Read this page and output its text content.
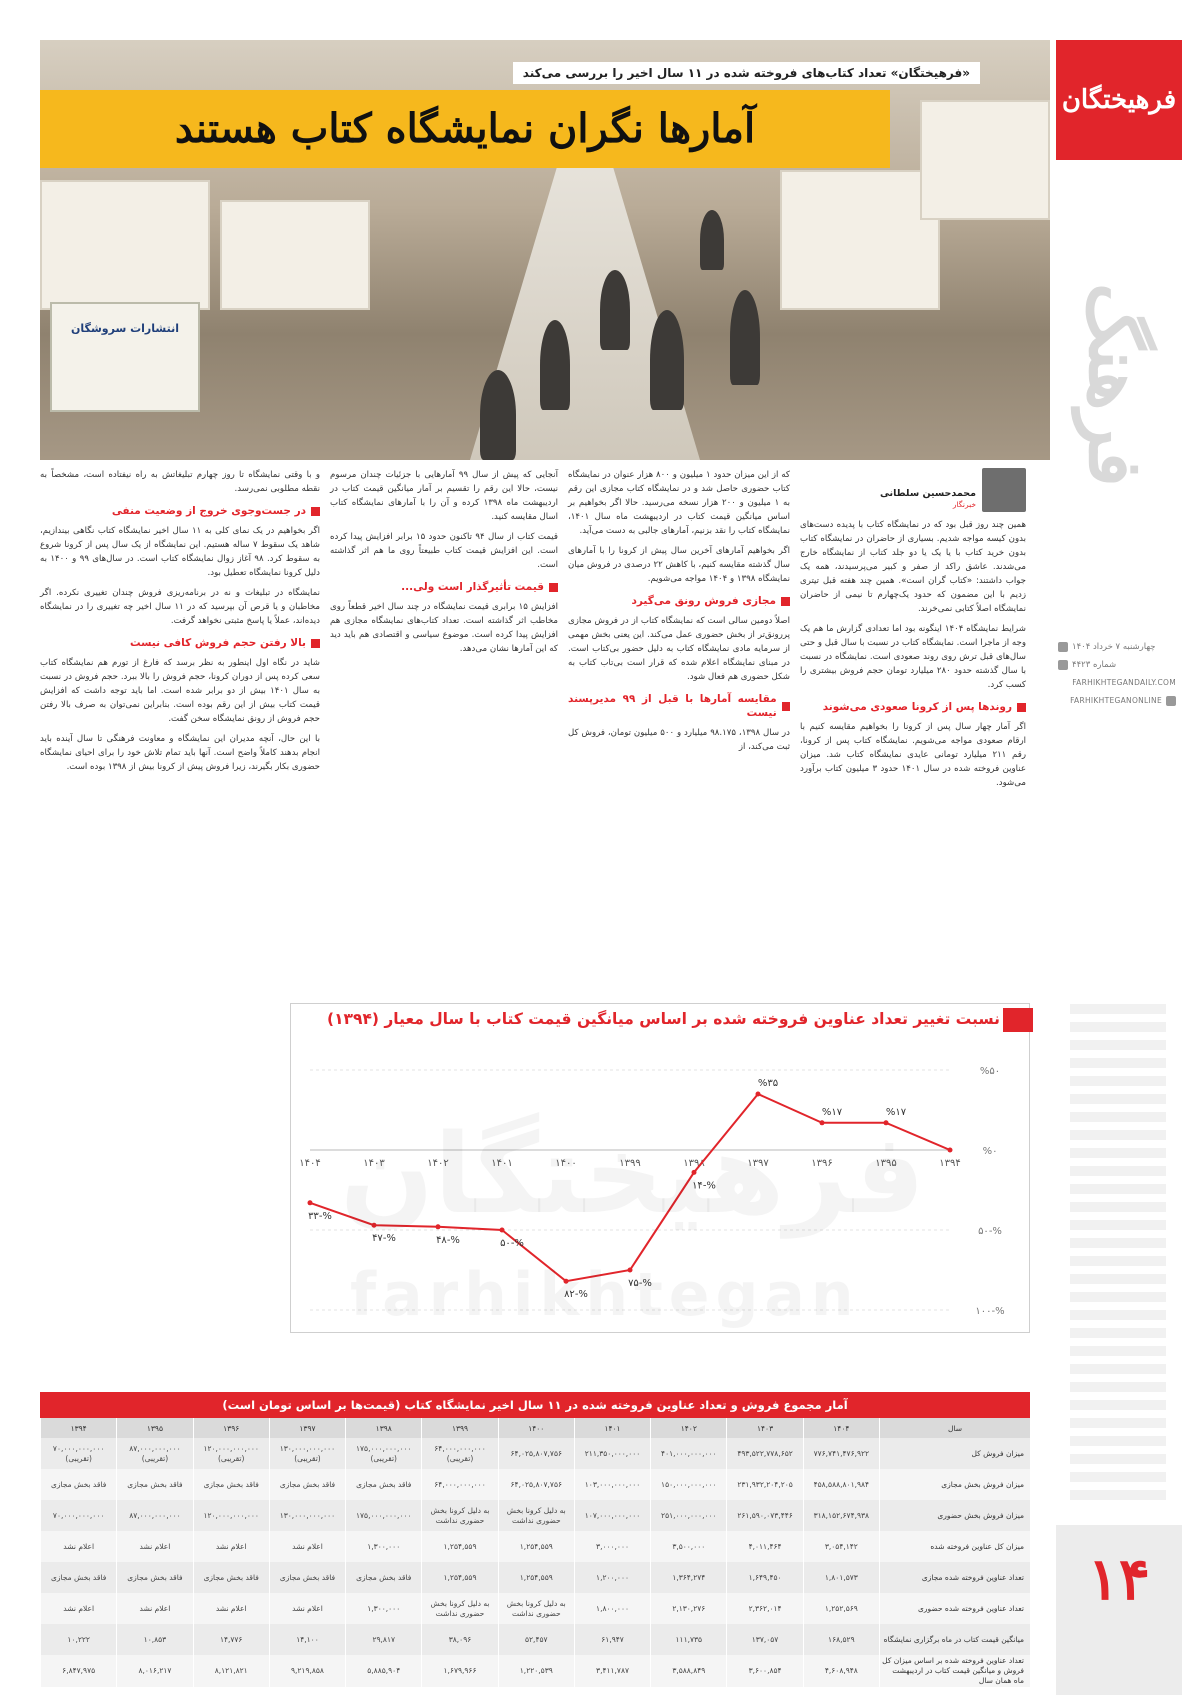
فرهیختگان
فرهنگ
چهارشنبه ۷ خرداد ۱۴۰۴
شماره ۴۴۲۳
FARHIKHTEGANDAILY.COM
FARHIKHTEGANONLINE
۱۴
انتشارات سروشگان
«فرهیختگان» تعداد کتاب‌های فروخته شده در ۱۱ سال اخیر را بررسی می‌کند
آمارها نگران نمایشگاه کتاب هستند
محمدحسین سلطانی
خبرنگار

همین چند روز قبل بود که در نمایشگاه کتاب با پدیده دست‌های بدون کیسه مواجه شدیم. بسیاری از حاضران در نمایشگاه کتاب بدون خرید کتاب با یا یک یا دو جلد کتاب از نمایشگاه خارج می‌شدند. عاشق راکد از صفر و کبیر می‌پرسیدند، همه یک جواب داشتند: «کتاب گران است». همین چند هفته قبل تیتری زدیم با این مضمون که حدود یک‌چهارم تا نیمی از حاضران نمایشگاه اصلاً کتابی نمی‌خرند.

شرایط نمایشگاه ۱۴۰۴ اینگونه بود اما تعدادی گزارش ما هم یک وجه از ماجرا است. نمایشگاه کتاب در نسبت با سال قبل و حتی سال‌های قبل ترش روی روند صعودی است. نمایشگاه در نسبت با سال گذشته حدود ۲۸۰ میلیارد تومان حجم فروش بیشتری را کسب کرد.

روندها پس از کرونا صعودی می‌شوند

اگر آمار چهار سال پس از کرونا را بخواهیم مقایسه کنیم با ارقام صعودی مواجه می‌شویم. نمایشگاه کتاب پس از کرونا، رقم ۲۱۱ میلیارد تومانی عایدی نمایشگاه کتاب شد. میزان عناوین فروخته شده در سال ۱۴۰۱ حدود ۳ میلیون کتاب برآورد می‌شود.

که از این میزان حدود ۱ میلیون و ۸۰۰ هزار عنوان در نمایشگاه کتاب حضوری حاصل شد و در نمایشگاه کتاب مجازی این رقم به ۱ میلیون و ۲۰۰ هزار نسخه می‌رسید. حالا اگر بخواهیم بر اساس میانگین قیمت کتاب در اردیبهشت ماه سال ۱۴۰۱، نمایشگاه کتاب را نقد بزنیم، آمارهای جالبی به دست می‌آید.

اگر بخواهیم آمارهای آخرین سال پیش از کرونا را با آمارهای سال گذشته مقایسه کنیم، با کاهش ۲۲ درصدی در فروش میان نمایشگاه ۱۳۹۸ و ۱۴۰۴ مواجه می‌شویم.

مجازی فروش رونق می‌گیرد

اصلاً دومین سالی است که نمایشگاه کتاب از در فروش مجازی پررونق‌تر از بخش حضوری عمل می‌کند. این یعنی بخش مهمی از سرمایه مادی نمایشگاه کتاب به دلیل حضور بی‌کتاب است. در مبنای نمایشگاه اعلام شده که قرار است بی‌تاب کتاب به شکل حضوری هم فعال شود.

مقایسه آمارها با قبل از ۹۹ مدیرپسند نیست

در سال ۱۳۹۸، ۹۸.۱۷۵ میلیارد و ۵۰۰ میلیون تومان، فروش کل ثبت می‌کند، از

آنجایی که پیش از سال ۹۹ آمارهایی با جزئیات چندان مرسوم نیست، حالا این رقم را تقسیم بر آمار میانگین قیمت کتاب در اردیبهشت ماه ۱۳۹۸ کرده و آن را با آمارهای نمایشگاه کتاب اسال مقایسه کنید.

قیمت کتاب از سال ۹۴ تاکنون حدود ۱۵ برابر افزایش پیدا کرده است. این افزایش قیمت کتاب طبیعتاً روی ما هم اثر گذاشته است.

قیمت تأثیرگذار است ولی...

افزایش ۱۵ برابری قیمت نمایشگاه در چند سال اخیر قطعاً روی مخاطب اثر گذاشته است. تعداد کتاب‌های نمایشگاه مجازی هم افزایش پیدا کرده است. موضوع سیاسی و اقتصادی هم باید دید که این آمارها نشان می‌دهد.

و با وقتی نمایشگاه تا روز چهارم تبلیغاتش به راه نیفتاده است، مشخصاً به نقطه مطلوبی نمی‌رسد.

در جست‌وجوی خروج از وضعیت منفی

اگر بخواهیم در یک نمای کلی به ۱۱ سال اخیر نمایشگاه کتاب نگاهی بیندازیم، شاهد یک سقوط ۷ ساله هستیم. این نمایشگاه از یک سال پس از کرونا شروع به سقوط کرد. ۹۸ آغاز زوال نمایشگاه کتاب است. در سال‌های ۹۹ و ۱۴۰۰ به دلیل کرونا نمایشگاه تعطیل بود.

نمایشگاه در تبلیغات و نه در برنامه‌ریزی فروش چندان تغییری نکرده. اگر مخاطبان و یا قرص آن بپرسید که در ۱۱ سال اخیر چه تغییری را در نمایشگاه دیده‌اند، عملاً یا پاسخ مثبتی نخواهد گرفت.

بالا رفتن حجم فروش کافی نیست

شاید در نگاه اول اینطور به نظر برسد که فارغ از تورم هم نمایشگاه کتاب سعی کرده پس از دوران کرونا، حجم فروش را بالا ببرد. حجم فروش در نسبت به سال ۱۴۰۱ بیش از دو برابر شده است. اما باید توجه داشت که افزایش قیمت کتاب بیش از این رقم بوده است. بنابراین نمی‌توان به صرف بالا رفتن حجم فروش از رونق نمایشگاه سخن گفت.

با این حال، آنچه مدیران این نمایشگاه و معاونت فرهنگی تا سال آینده باید انجام بدهند کاملاً واضح است. آنها باید تمام تلاش خود را برای احیای نمایشگاه حضوری بکار بگیرند، زیرا فروش پیش از کرونا بیش از ۱۳۹۸ بوده است.

نسبت تغییر تعداد عناوین فروخته شده بر اساس میانگین قیمت کتاب با سال معیار (۱۳۹۴)
%۵۰
%۰
%-۵۰
%-۱۰۰
۱۳۹۴
۱۳۹۵
۱۳۹۶
۱۳۹۷
۱۳۹۸
۱۳۹۹
۱۴۰۰
۱۴۰۱
۱۴۰۲
۱۴۰۳
۱۴۰۴
%۱۷
%۱۷
%۳۵
%-۱۴
%-۷۵
%-۸۲
%-۵۰
%-۴۸
%-۴۷
%-۳۳
آمار مجموع فروش و تعداد عناوین فروخته شده در ۱۱ سال اخیر نمایشگاه کتاب (قیمت‌ها بر اساس تومان است)
سال	۱۴۰۴	۱۴۰۳	۱۴۰۲	۱۴۰۱	۱۴۰۰	۱۳۹۹	۱۳۹۸	۱۳۹۷	۱۳۹۶	۱۳۹۵	۱۳۹۴
میزان فروش کل	۷۷۶,۷۴۱,۴۷۶,۹۲۲	۴۹۳,۵۲۲,۷۷۸,۶۵۲	۴۰۱,۰۰۰,۰۰۰,۰۰۰	۲۱۱,۳۵۰,۰۰۰,۰۰۰	۶۴,۰۲۵,۸۰۷,۷۵۶	۶۴,۰۰۰,۰۰۰,۰۰۰ (تقریبی)	۱۷۵,۰۰۰,۰۰۰,۰۰۰ (تقریبی)	۱۳۰,۰۰۰,۰۰۰,۰۰۰ (تقریبی)	۱۲۰,۰۰۰,۰۰۰,۰۰۰ (تقریبی)	۸۷,۰۰۰,۰۰۰,۰۰۰ (تقریبی)	۷۰,۰۰۰,۰۰۰,۰۰۰ (تقریبی)
میزان فروش بخش مجازی	۴۵۸,۵۸۸,۸۰۱,۹۸۴	۲۳۱,۹۳۲,۲۰۴,۲۰۵	۱۵۰,۰۰۰,۰۰۰,۰۰۰	۱۰۳,۰۰۰,۰۰۰,۰۰۰	۶۴,۰۲۵,۸۰۷,۷۵۶	۶۴,۰۰۰,۰۰۰,۰۰۰	فاقد بخش مجازی	فاقد بخش مجازی	فاقد بخش مجازی	فاقد بخش مجازی	فاقد بخش مجازی
میزان فروش بخش حضوری	۳۱۸,۱۵۲,۶۷۴,۹۳۸	۲۶۱,۵۹۰,۰۷۳,۴۴۶	۲۵۱,۰۰۰,۰۰۰,۰۰۰	۱۰۷,۰۰۰,۰۰۰,۰۰۰	به دلیل کرونا بخش حضوری نداشت	به دلیل کرونا بخش حضوری نداشت	۱۷۵,۰۰۰,۰۰۰,۰۰۰	۱۳۰,۰۰۰,۰۰۰,۰۰۰	۱۲۰,۰۰۰,۰۰۰,۰۰۰	۸۷,۰۰۰,۰۰۰,۰۰۰	۷۰,۰۰۰,۰۰۰,۰۰۰
میزان کل عناوین فروخته شده	۳,۰۵۴,۱۴۲	۴,۰۱۱,۴۶۴	۳,۵۰۰,۰۰۰	۳,۰۰۰,۰۰۰	۱,۲۵۴,۵۵۹	۱,۲۵۴,۵۵۹	۱,۳۰۰,۰۰۰	اعلام نشد	اعلام نشد	اعلام نشد	اعلام نشد
تعداد عناوین فروخته شده مجازی	۱,۸۰۱,۵۷۳	۱,۶۴۹,۴۵۰	۱,۳۶۴,۲۷۴	۱,۲۰۰,۰۰۰	۱,۲۵۴,۵۵۹	۱,۲۵۴,۵۵۹	فاقد بخش مجازی	فاقد بخش مجازی	فاقد بخش مجازی	فاقد بخش مجازی	فاقد بخش مجازی
تعداد عناوین فروخته شده حضوری	۱,۲۵۲,۵۶۹	۲,۳۶۲,۰۱۴	۲,۱۳۰,۲۷۶	۱,۸۰۰,۰۰۰	به دلیل کرونا بخش حضوری نداشت	به دلیل کرونا بخش حضوری نداشت	۱,۳۰۰,۰۰۰	اعلام نشد	اعلام نشد	اعلام نشد	اعلام نشد
میانگین قیمت کتاب در ماه برگزاری نمایشگاه	۱۶۸,۵۲۹	۱۳۷,۰۵۷	۱۱۱,۷۳۵	۶۱,۹۴۷	۵۲,۴۵۷	۳۸,۰۹۶	۲۹,۸۱۷	۱۴,۱۰۰	۱۴,۷۷۶	۱۰,۸۵۳	۱۰,۲۲۲
تعداد عناوین فروخته شده بر اساس میزان کل فروش و میانگین قیمت کتاب در اردیبهشت ماه همان سال	۴,۶۰۸,۹۴۸	۳,۶۰۰,۸۵۴	۳,۵۸۸,۸۴۹	۳,۴۱۱,۷۸۷	۱,۲۲۰,۵۳۹	۱,۶۷۹,۹۶۶	۵,۸۸۵,۹۰۴	۹,۲۱۹,۸۵۸	۸,۱۲۱,۸۲۱	۸,۰۱۶,۲۱۷	۶,۸۴۷,۹۷۵
